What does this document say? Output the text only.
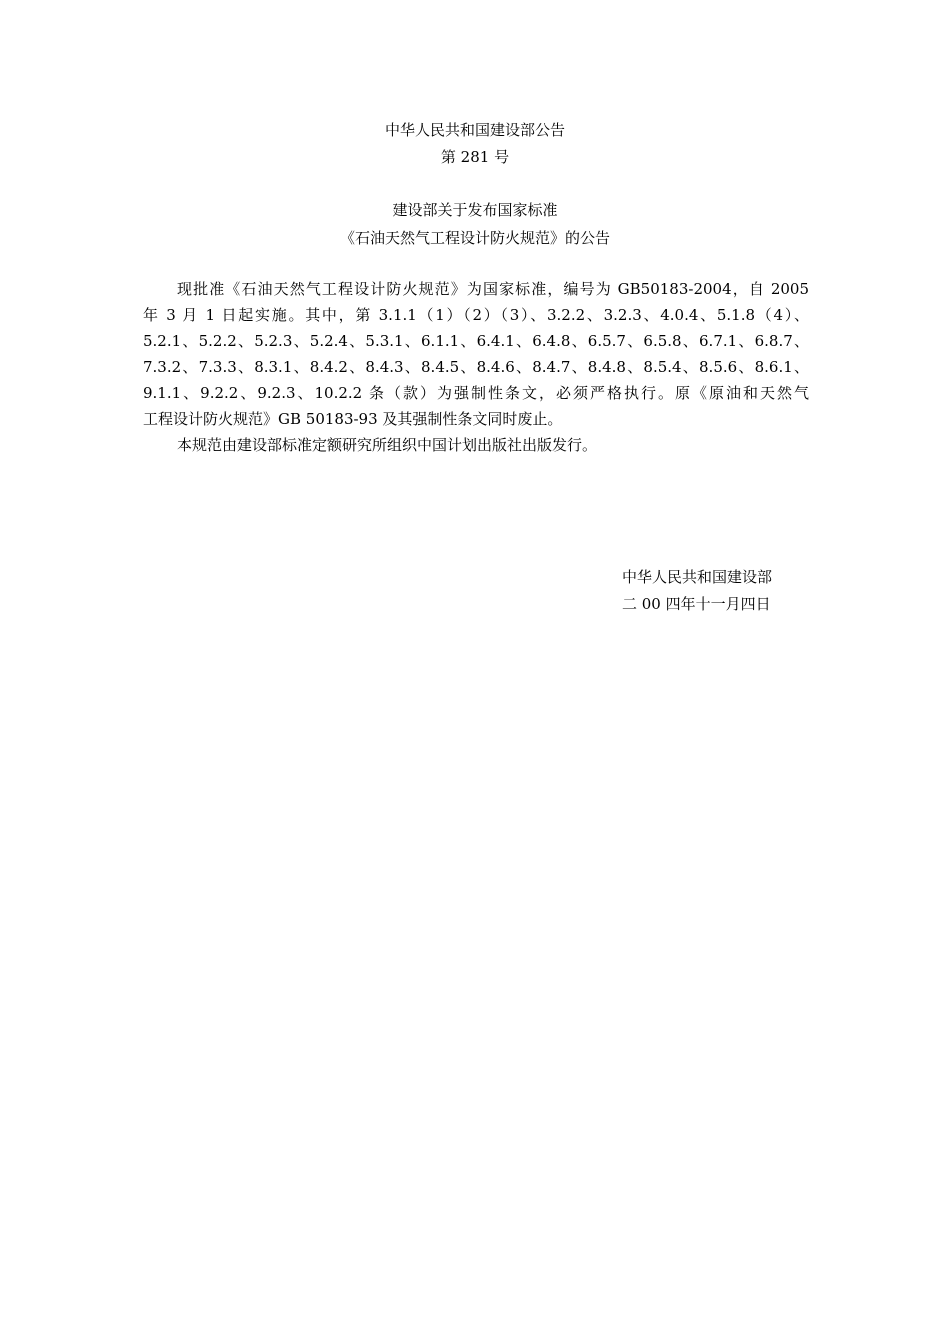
中华人民共和国建设部公告
第 281 号
建设部关于发布国家标准
《石油天然气工程设计防火规范》的公告
现批准《石油天然气工程设计防火规范》为国家标准，编号为 GB50183-2004，自 2005
年 3 月 1 日起实施。其中，第 3.1.1（1）（2）（3）、3.2.2、3.2.3、4.0.4、5.1.8（4）、
5.2.1、5.2.2、5.2.3、5.2.4、5.3.1、6.1.1、6.4.1、6.4.8、6.5.7、6.5.8、6.7.1、6.8.7、
7.3.2、7.3.3、8.3.1、8.4.2、8.4.3、8.4.5、8.4.6、8.4.7、8.4.8、8.5.4、8.5.6、8.6.1、
9.1.1、9.2.2、9.2.3、10.2.2 条（款）为强制性条文，必须严格执行。原《原油和天然气
工程设计防火规范》GB 50183-93 及其强制性条文同时废止。
本规范由建设部标准定额研究所组织中国计划出版社出版发行。
中华人民共和国建设部
二 00 四年十一月四日
